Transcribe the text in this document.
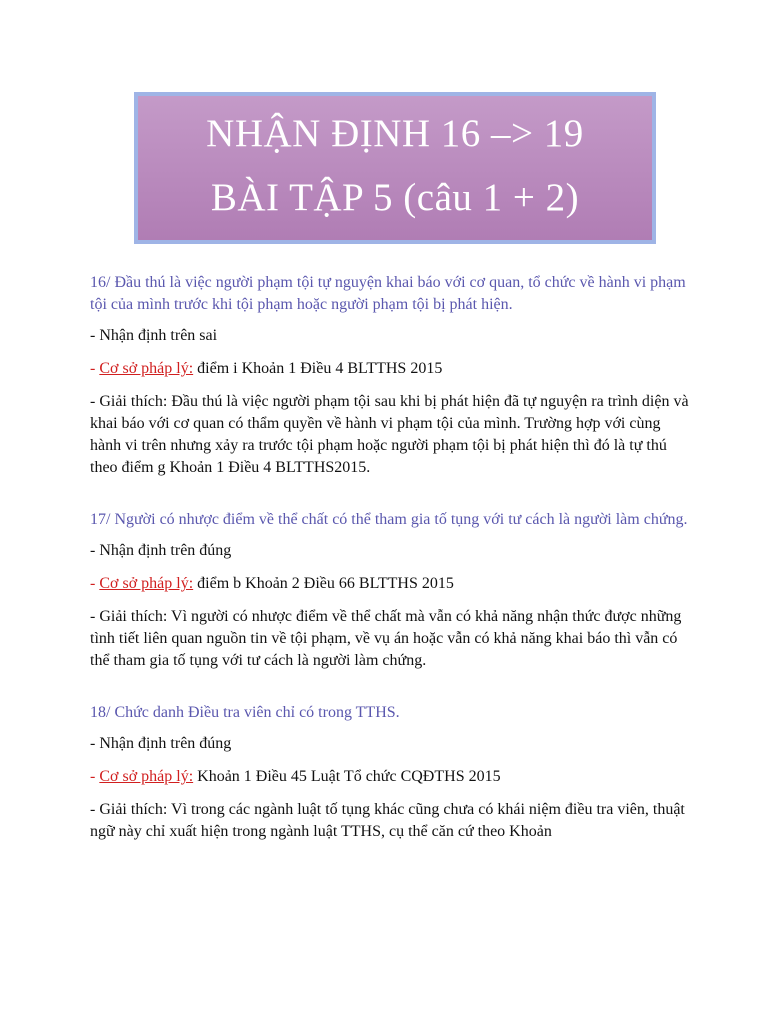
NHẬN ĐỊNH 16 –> 19
BÀI TẬP 5 (câu 1 + 2)

16/ Đầu thú là việc người phạm tội tự nguyện khai báo với cơ quan, tổ chức về hành vi phạm tội của mình trước khi tội phạm hoặc người phạm tội bị phát hiện.

- Nhận định trên sai

- Cơ sở pháp lý: điểm i Khoản 1 Điều 4 BLTTHS 2015

- Giải thích: Đầu thú là việc người phạm tội sau khi bị phát hiện đã tự nguyện ra trình diện và khai báo với cơ quan có thẩm quyền về hành vi phạm tội của mình. Trường hợp với cùng hành vi trên nhưng xảy ra trước tội phạm hoặc người phạm tội bị phát hiện thì đó là tự thú theo điểm g Khoản 1 Điều 4 BLTTHS2015.

17/ Người có nhược điểm về thể chất có thể tham gia tố tụng với tư cách là người làm chứng.

- Nhận định trên đúng

- Cơ sở pháp lý: điểm b Khoản 2 Điều 66 BLTTHS 2015

- Giải thích: Vì người có nhược điểm về thể chất mà vẫn có khả năng nhận thức được những tình tiết liên quan nguồn tin về tội phạm, về vụ án hoặc vẫn có khả năng khai báo thì vẫn có thể tham gia tố tụng với tư cách là người làm chứng.

18/ Chức danh Điều tra viên chỉ có trong TTHS.

- Nhận định trên đúng

- Cơ sở pháp lý: Khoản 1 Điều 45 Luật Tổ chức CQĐTHS 2015

- Giải thích: Vì trong các ngành luật tố tụng khác cũng chưa có khái niệm điều tra viên, thuật ngữ này chỉ xuất hiện trong ngành luật TTHS, cụ thể căn cứ theo Khoản
